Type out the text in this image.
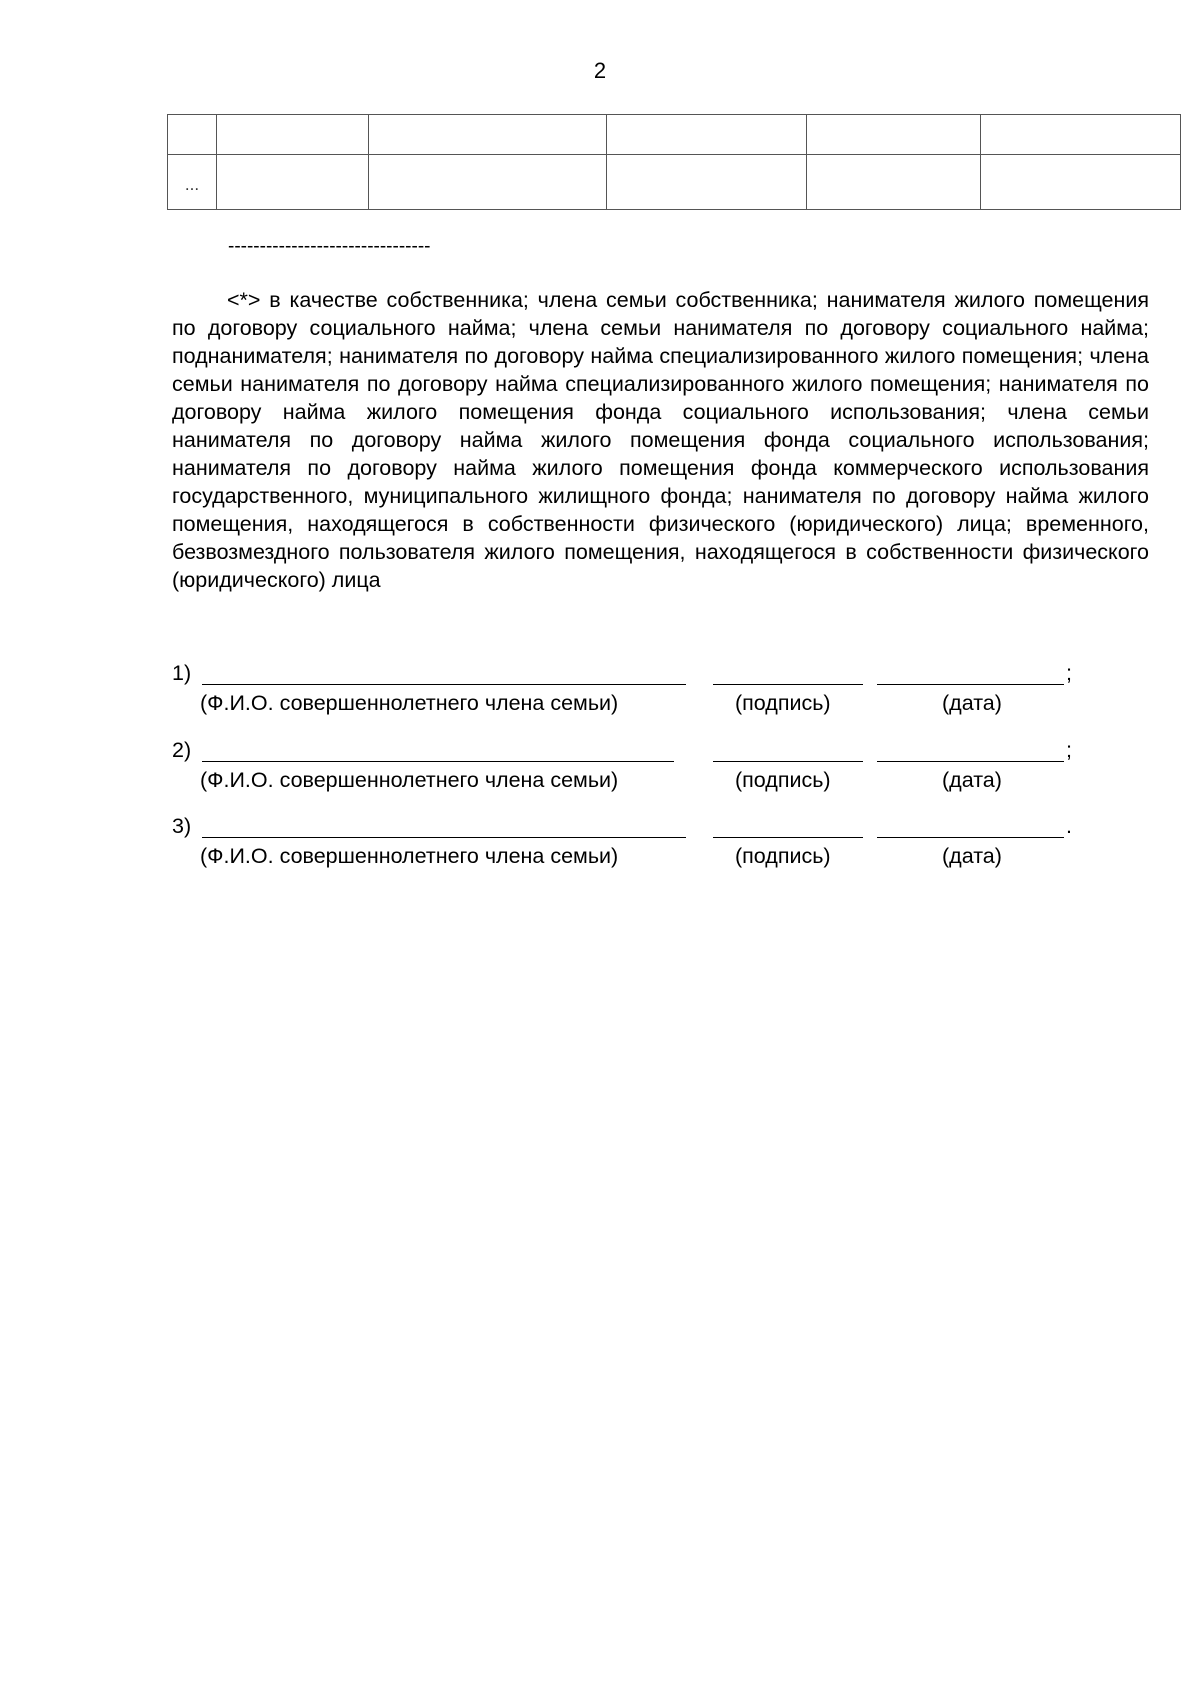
2

...					
--------------------------------

<*> в качестве собственника; члена семьи собственника; нанимателя жилого помещения по договору социального найма; члена семьи нанимателя по договору социального найма; поднанимателя; нанимателя по договору найма специализированного жилого помещения; члена семьи нанимателя по договору найма специализированного жилого помещения; нанимателя по договору найма жилого помещения фонда социального использования; члена семьи нанимателя по договору найма жилого помещения фонда социального использования; нанимателя по договору найма жилого помещения фонда коммерческого использования государственного, муниципального жилищного фонда; нанимателя по договору найма жилого помещения, находящегося в собственности физического (юридического) лица; временного, безвозмездного пользователя жилого помещения, находящегося в собственности физического (юридического) лица

1)	;
(Ф.И.О. совершеннолетнего члена семьи)	(подпись)	(дата)
2)	;
(Ф.И.О. совершеннолетнего члена семьи)	(подпись)	(дата)
3)	.
(Ф.И.О. совершеннолетнего члена семьи)	(подпись)	(дата)
